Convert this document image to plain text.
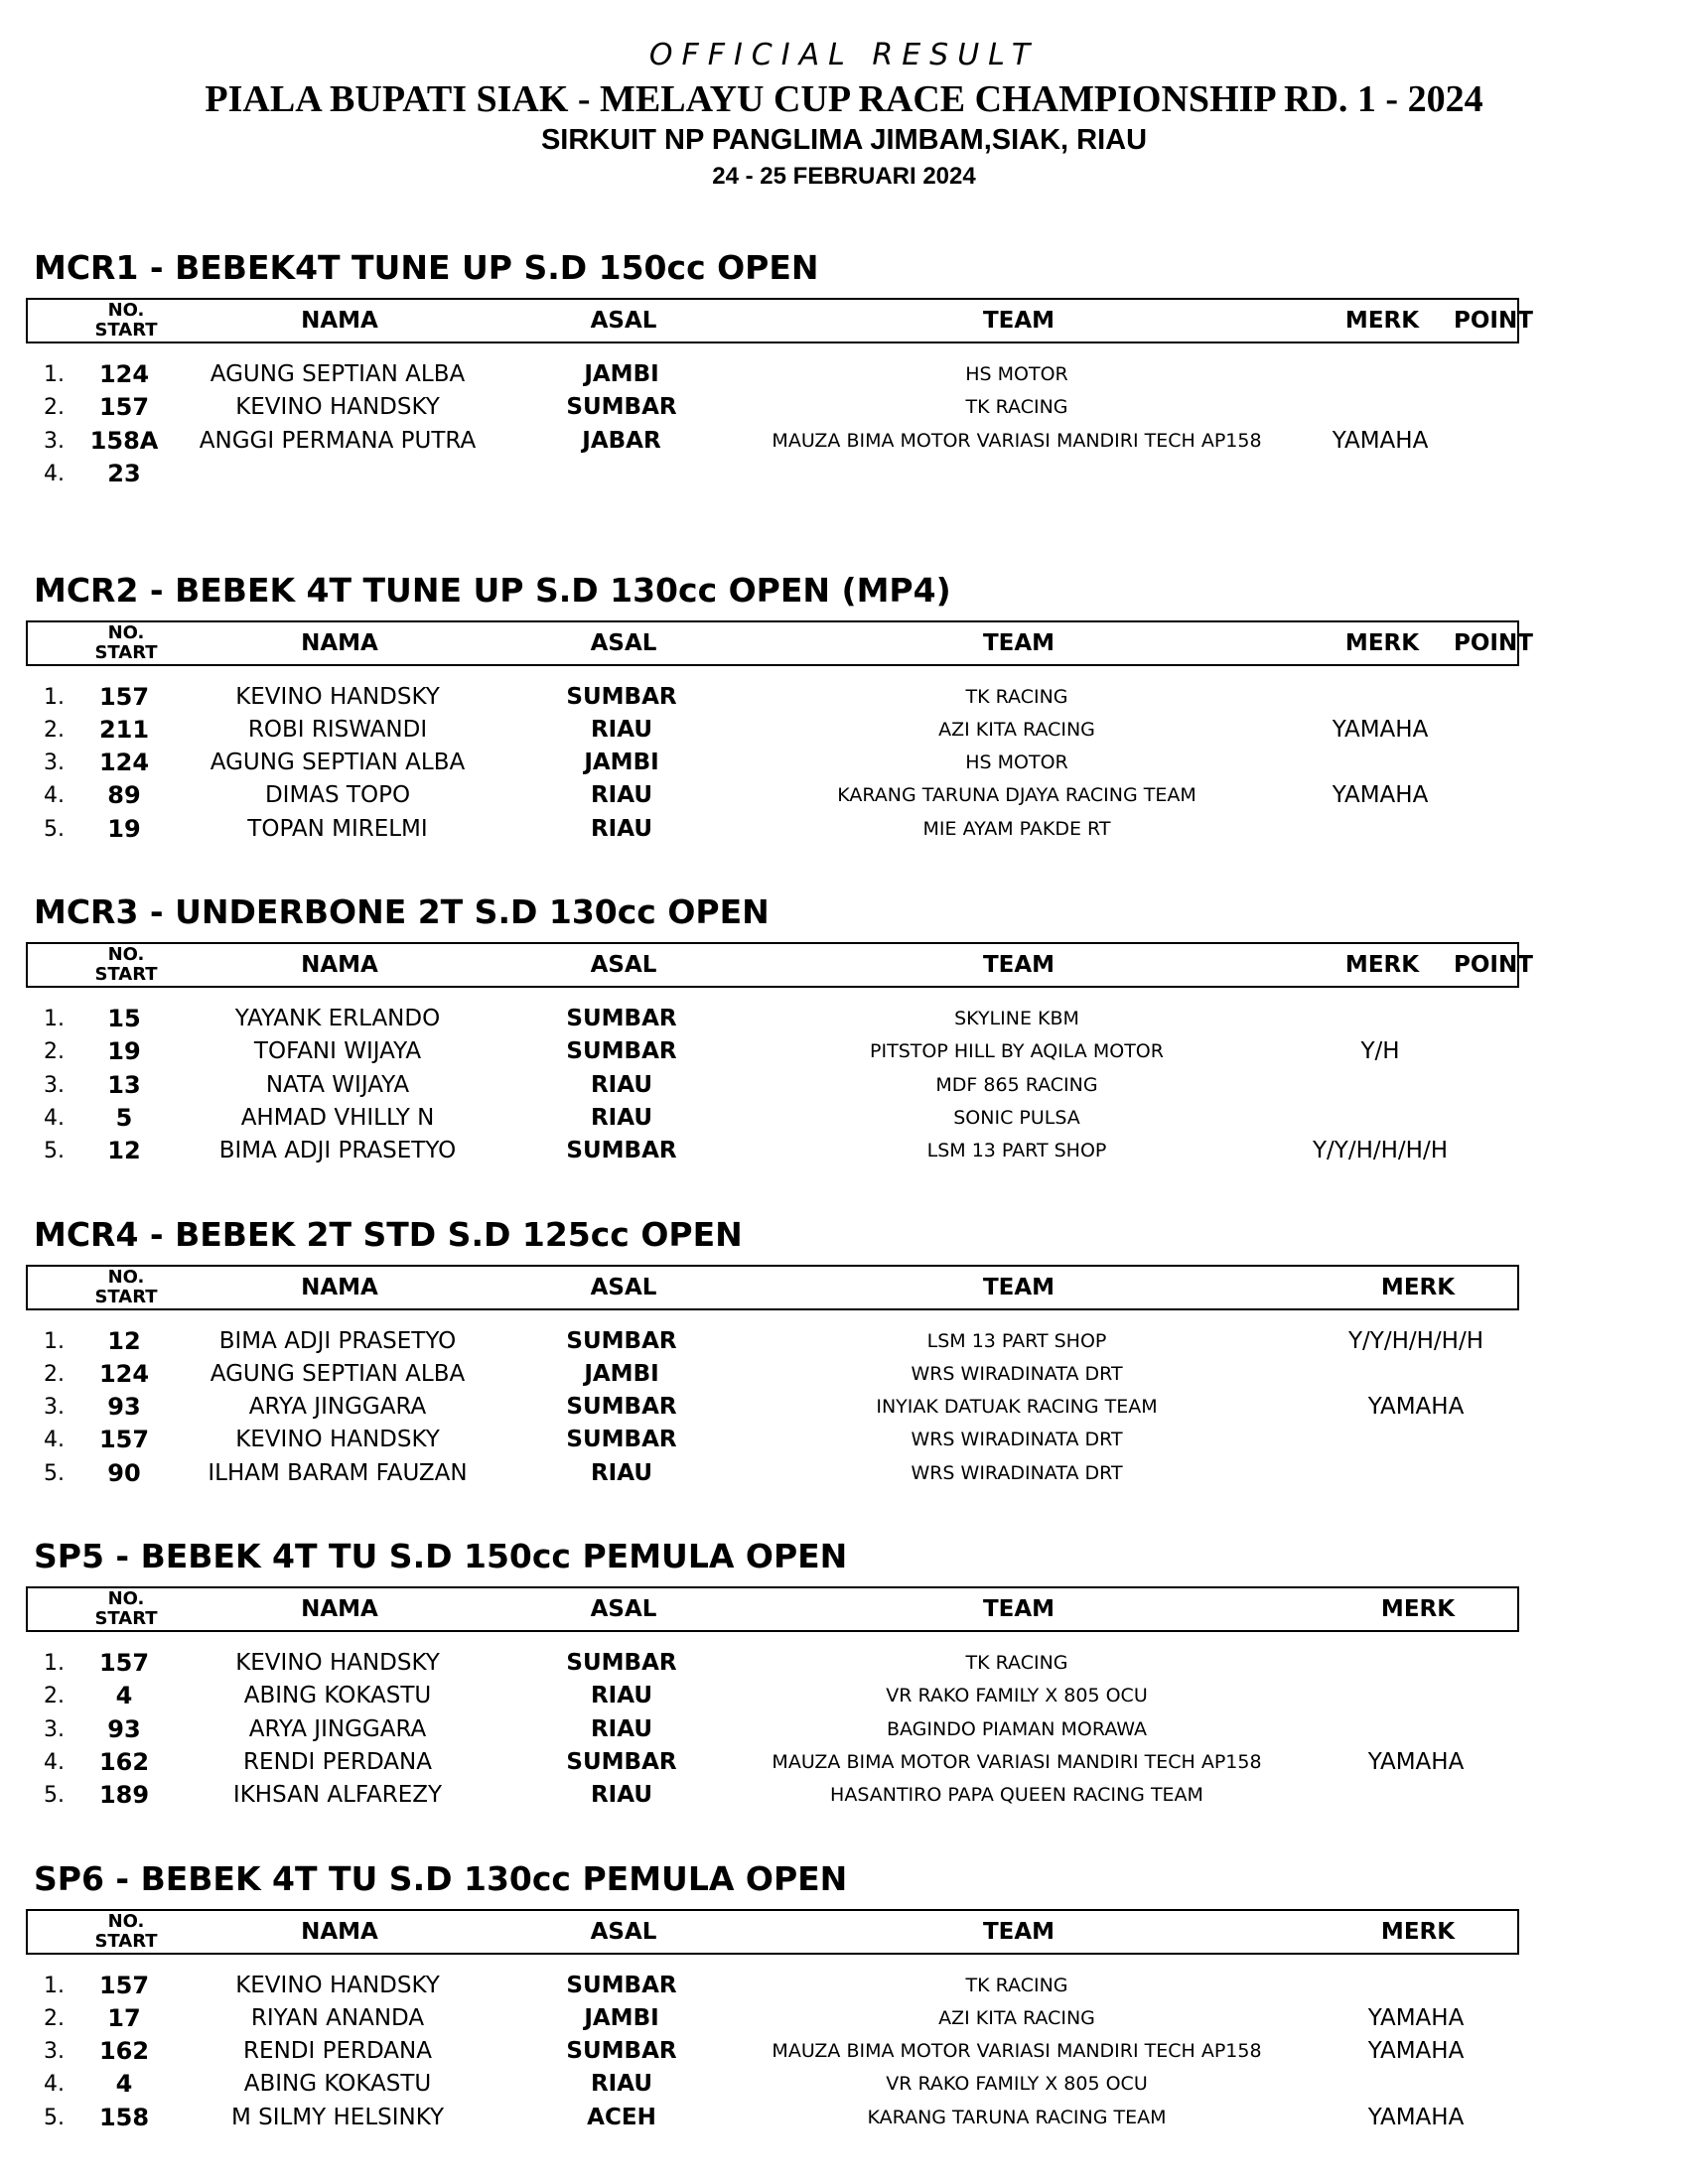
OFFICIAL RESULT
PIALA BUPATI SIAK - MELAYU CUP RACE CHAMPIONSHIP RD. 1 - 2024
SIRKUIT NP PANGLIMA JIMBAM,SIAK, RIAU
24 - 25 FEBRUARI 2024
MCR1 - BEBEK4T TUNE UP S.D 150cc OPEN
NO.
START	NAMA	ASAL	TEAM	MERK POINT
1. 124	AGUNG SEPTIAN ALBA	JAMBI	HS MOTOR
2. 157	KEVINO HANDSKY	SUMBAR	TK RACING
3. 158A ANGGI PERMANA PUTRA	JABAR	MAUZA BIMA MOTOR VARIASI MANDIRI TECH AP158	YAMAHA
4. 23
MCR2 - BEBEK 4T TUNE UP S.D 130cc OPEN (MP4)
NO.
START	NAMA	ASAL	TEAM	MERK POINT
1. 157	KEVINO HANDSKY	SUMBAR	TK RACING
2. 211	ROBI RISWANDI	RIAU	AZI KITA RACING	YAMAHA
3. 124	AGUNG SEPTIAN ALBA	JAMBI	HS MOTOR
4. 89	DIMAS TOPO	RIAU	KARANG TARUNA DJAYA RACING TEAM	YAMAHA
5. 19	TOPAN MIRELMI	RIAU	MIE AYAM PAKDE RT
MCR3 - UNDERBONE 2T S.D 130cc OPEN
NO.
START	NAMA	ASAL	TEAM	MERK POINT
1. 15	YAYANK ERLANDO	SUMBAR	SKYLINE KBM
2. 19	TOFANI WIJAYA	SUMBAR	PITSTOP HILL BY AQILA MOTOR	Y/H
3. 13	NATA WIJAYA	RIAU	MDF 865 RACING
4. 5	AHMAD VHILLY N	RIAU	SONIC PULSA
5. 12	BIMA ADJI PRASETYO	SUMBAR	LSM 13 PART SHOP	Y/Y/H/H/H/H
MCR4 - BEBEK 2T STD S.D 125cc OPEN
NO.
START	NAMA	ASAL	TEAM	MERK
1. 12	BIMA ADJI PRASETYO	SUMBAR	LSM 13 PART SHOP	Y/Y/H/H/H/H
2. 124	AGUNG SEPTIAN ALBA	JAMBI	WRS WIRADINATA DRT
3. 93	ARYA JINGGARA	SUMBAR	INYIAK DATUAK RACING TEAM	YAMAHA
4. 157	KEVINO HANDSKY	SUMBAR	WRS WIRADINATA DRT
5. 90	ILHAM BARAM FAUZAN	RIAU	WRS WIRADINATA DRT
SP5 - BEBEK 4T TU S.D 150cc PEMULA OPEN
NO.
START	NAMA	ASAL	TEAM	MERK
1. 157	KEVINO HANDSKY	SUMBAR	TK RACING
2. 4	ABING KOKASTU	RIAU	VR RAKO FAMILY X 805 OCU
3. 93	ARYA JINGGARA	RIAU	BAGINDO PIAMAN MORAWA
4. 162	RENDI PERDANA	SUMBAR	MAUZA BIMA MOTOR VARIASI MANDIRI TECH AP158	YAMAHA
5. 189	IKHSAN ALFAREZY	RIAU	HASANTIRO PAPA QUEEN RACING TEAM
SP6 - BEBEK 4T TU S.D 130cc PEMULA OPEN
NO.
START	NAMA	ASAL	TEAM	MERK
1. 157	KEVINO HANDSKY	SUMBAR	TK RACING
2. 17	RIYAN ANANDA	JAMBI	AZI KITA RACING	YAMAHA
3. 162	RENDI PERDANA	SUMBAR	MAUZA BIMA MOTOR VARIASI MANDIRI TECH AP158	YAMAHA
4. 4	ABING KOKASTU	RIAU	VR RAKO FAMILY X 805 OCU
5. 158	M SILMY HELSINKY	ACEH	KARANG TARUNA RACING TEAM	YAMAHA
